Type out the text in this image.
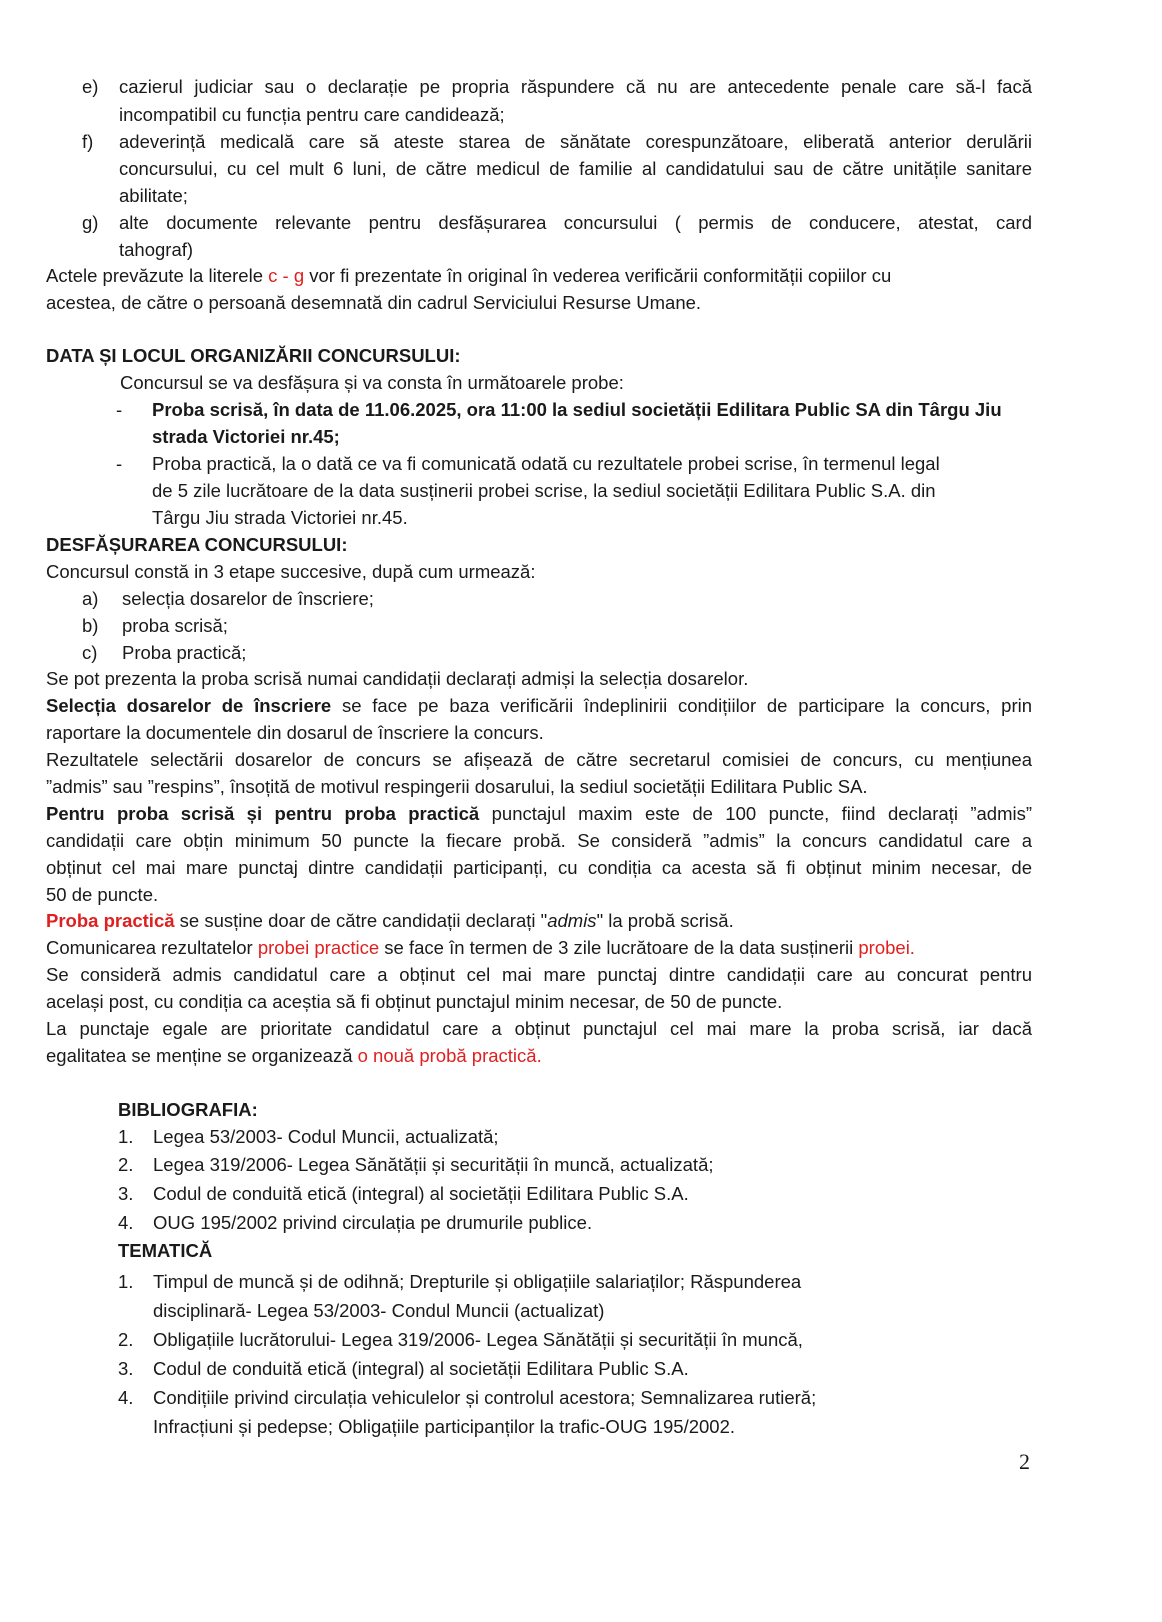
e) cazierul judiciar sau o declarație pe propria răspundere că nu are antecedente penale care să-l facă
incompatibil cu funcția pentru care candidează;
f) adeverință medicală care să ateste starea de sănătate corespunzătoare, eliberată anterior derulării
concursului, cu cel mult 6 luni, de către medicul de familie al candidatului sau de către unitățile sanitare
abilitate;
g) alte documente relevante pentru desfășurarea concursului ( permis de conducere, atestat, card
tahograf)
Actele prevăzute la literele c - g vor fi prezentate în original în vederea verificării conformității copiilor cu
acestea, de către o persoană desemnată din cadrul Serviciului Resurse Umane.
DATA ȘI LOCUL ORGANIZĂRII CONCURSULUI:
Concursul se va desfășura și va consta în următoarele probe:
- Proba scrisă, în data de 11.06.2025, ora 11:00 la sediul societății Edilitara Public SA din Târgu Jiu
strada Victoriei nr.45;
- Proba practică, la o dată ce va fi comunicată odată cu rezultatele probei scrise, în termenul legal
de 5 zile lucrătoare de la data susținerii probei scrise, la sediul societății Edilitara Public S.A. din
Târgu Jiu strada Victoriei nr.45.
DESFĂȘURAREA CONCURSULUI:
Concursul constă in 3 etape succesive, după cum urmează:
a) selecția dosarelor de înscriere;
b) proba scrisă;
c) Proba practică;
Se pot prezenta la proba scrisă numai candidații declarați admiși la selecția dosarelor.
Selecția dosarelor de înscriere se face pe baza verificării îndeplinirii condițiilor de participare la concurs, prin
raportare la documentele din dosarul de înscriere la concurs.
Rezultatele selectării dosarelor de concurs se afișează de către secretarul comisiei de concurs, cu mențiunea
”admis” sau ”respins”, însoțită de motivul respingerii dosarului, la sediul societății Edilitara Public SA.
Pentru proba scrisă și pentru proba practică punctajul maxim este de 100 puncte, fiind declarați ”admis”
candidații care obțin minimum 50 puncte la fiecare probă. Se consideră ”admis” la concurs candidatul care a
obținut cel mai mare punctaj dintre candidații participanți, cu condiția ca acesta să fi obținut minim necesar, de
50 de puncte.
Proba practică se susține doar de către candidații declarați "admis" la probă scrisă.
Comunicarea rezultatelor probei practice se face în termen de 3 zile lucrătoare de la data susținerii probei.
Se consideră admis candidatul care a obținut cel mai mare punctaj dintre candidații care au concurat pentru
același post, cu condiția ca aceștia să fi obținut punctajul minim necesar, de 50 de puncte.
La punctaje egale are prioritate candidatul care a obținut punctajul cel mai mare la proba scrisă, iar dacă
egalitatea se menține se organizează o nouă probă practică.
BIBLIOGRAFIA:
1. Legea 53/2003- Codul Muncii, actualizată;
2. Legea 319/2006- Legea Sănătății și securității în muncă, actualizată;
3. Codul de conduită etică (integral) al societății Edilitara Public S.A.
4. OUG 195/2002 privind circulația pe drumurile publice.
TEMATICĂ
1. Timpul de muncă și de odihnă; Drepturile și obligațiile salariaților; Răspunderea
disciplinară- Legea 53/2003- Condul Muncii (actualizat)
2. Obligațiile lucrătorului- Legea 319/2006- Legea Sănătății și securității în muncă,
3. Codul de conduită etică (integral) al societății Edilitara Public S.A.
4. Condițiile privind circulația vehiculelor și controlul acestora; Semnalizarea rutieră;
Infracțiuni și pedepse; Obligațiile participanților la trafic-OUG 195/2002.
2
